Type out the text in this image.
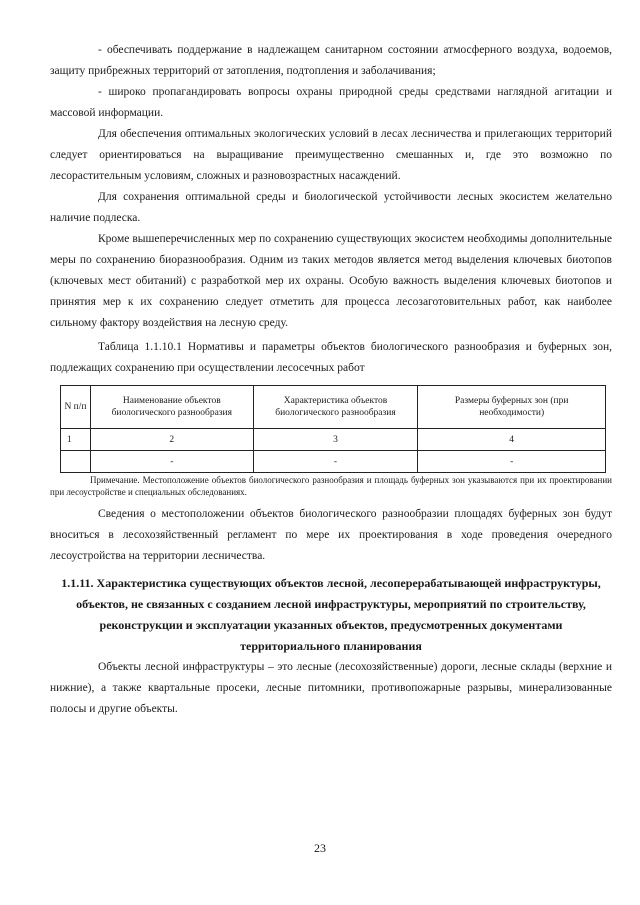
- обеспечивать поддержание в надлежащем санитарном состоянии атмосферного воздуха, водоемов, защиту прибрежных территорий от затопления, подтопления и заболачивания;

- широко пропагандировать вопросы охраны природной среды средствами наглядной агитации и массовой информации.

Для обеспечения оптимальных экологических условий в лесах лесничества и прилегающих территорий следует ориентироваться на выращивание преимущественно смешанных и, где это возможно по лесорастительным условиям, сложных и разновозрастных насаждений.

Для сохранения оптимальной среды и биологической устойчивости лесных экосистем желательно наличие подлеска.

Кроме вышеперечисленных мер по сохранению существующих экосистем необходимы дополнительные меры по сохранению биоразнообразия. Одним из таких методов является метод выделения ключевых биотопов (ключевых мест обитаний) с разработкой мер их охраны. Особую важность выделения ключевых биотопов и принятия мер к их сохранению следует отметить для процесса лесозаготовительных работ, как наиболее сильному фактору воздействия на лесную среду.

Таблица 1.1.10.1 Нормативы и параметры объектов биологического разнообразия и буферных зон, подлежащих сохранению при осуществлении лесосечных работ

N п/п	Наименование объектов биологического разнообразия	Характеристика объектов биологического разнообразия	Размеры буферных зон (при необходимости)
1	2	3	4
	-	-	-

Примечание. Местоположение объектов биологического разнообразия и площадь буферных зон указываются при их проектировании при лесоустройстве и специальных обследованиях.

Сведения о местоположении объектов биологического разнообразии площадях буферных зон будут вноситься в лесохозяйственный регламент по мере их проектирования в ходе проведения очередного лесоустройства на территории лесничества.

1.1.11. Характеристика существующих объектов лесной, лесоперерабатывающей инфраструктуры, объектов, не связанных с созданием лесной инфраструктуры, мероприятий по строительству, реконструкции и эксплуатации указанных объектов, предусмотренных документами территориального планирования

Объекты лесной инфраструктуры – это лесные (лесохозяйственные) дороги, лесные склады (верхние и нижние), а также квартальные просеки, лесные питомники, противопожарные разрывы, минерализованные полосы и другие объекты.

23
